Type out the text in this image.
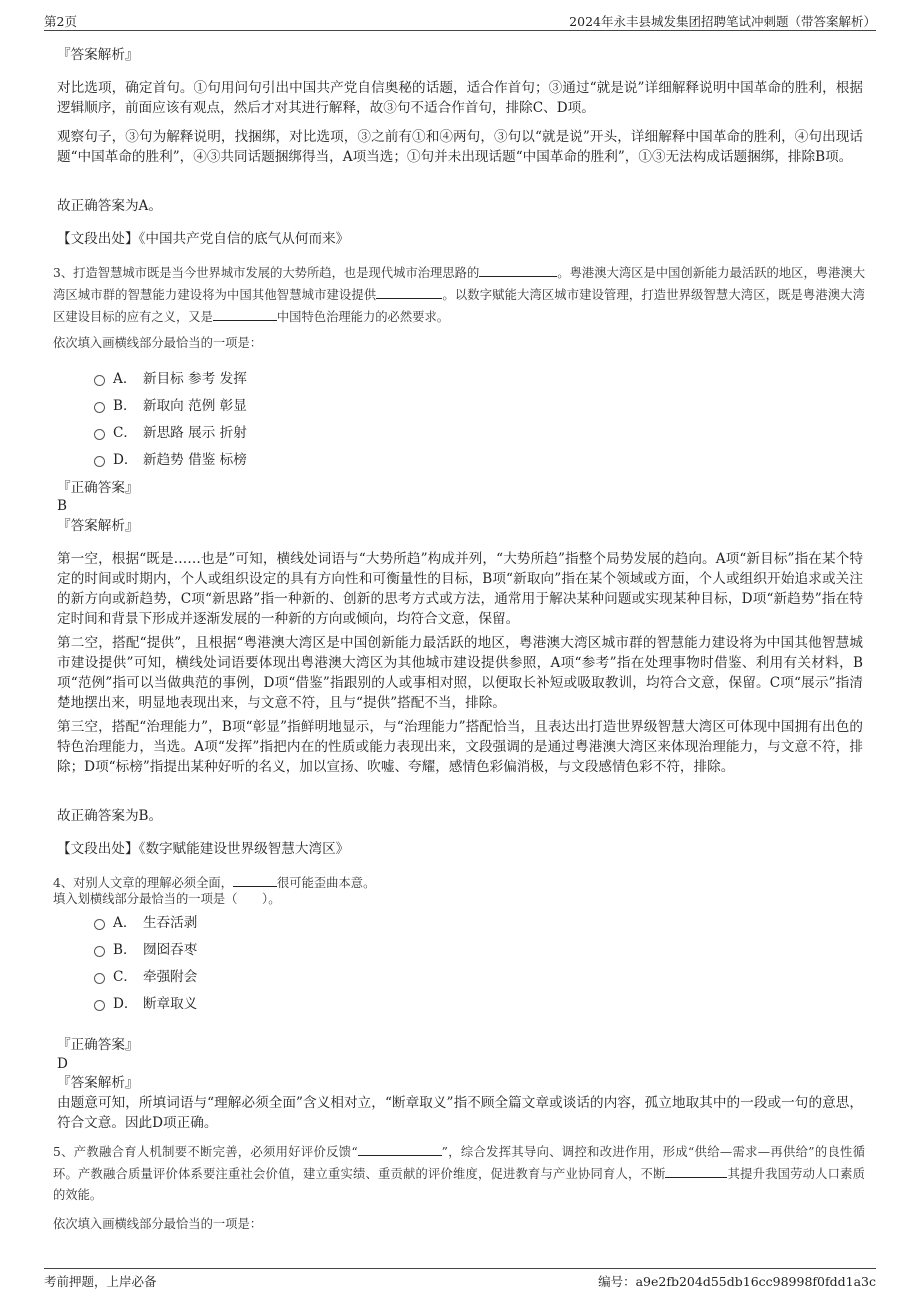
第2页	2024年永丰县城发集团招聘笔试冲刺题（带答案解析）
『答案解析』
对比选项，确定首句。①句用问句引出中国共产党自信奥秘的话题，适合作首句；③通过“就是说”详细解释说明中国革命的胜利，根据逻辑顺序，前面应该有观点，然后才对其进行解释，故③句不适合作首句，排除C、D项。
观察句子，③句为解释说明，找捆绑，对比选项，③之前有①和④两句，③句以“就是说”开头，详细解释中国革命的胜利，④句出现话题“中国革命的胜利”，④③共同话题捆绑得当，A项当选；①句并未出现话题“中国革命的胜利”，①③无法构成话题捆绑，排除B项。
故正确答案为A。
【文段出处】《中国共产党自信的底气从何而来》
3、打造智慧城市既是当今世界城市发展的大势所趋，也是现代城市治理思路的	。粤港澳大湾区是中国创新能力最活跃的地区，粤港澳大湾区城市群的智慧能力建设将为中国其他智慧城市建设提供	。以数字赋能大湾区城市建设管理，打造世界级智慧大湾区，既是粤港澳大湾区建设目标的应有之义，又是	中国特色治理能力的必然要求。
依次填入画横线部分最恰当的一项是：
A． 新目标 参考 发挥
B． 新取向 范例 彰显
C． 新思路 展示 折射
D． 新趋势 借鉴 标榜
『正确答案』
B
『答案解析』
第一空，根据“既是……也是”可知，横线处词语与“大势所趋”构成并列，“大势所趋”指整个局势发展的趋向。A项“新目标”指在某个特定的时间或时期内，个人或组织设定的具有方向性和可衡量性的目标，B项“新取向”指在某个领域或方面，个人或组织开始追求或关注的新方向或新趋势，C项“新思路”指一种新的、创新的思考方式或方法，通常用于解决某种问题或实现某种目标，D项“新趋势”指在特定时间和背景下形成并逐渐发展的一种新的方向或倾向，均符合文意，保留。
第二空，搭配“提供”，且根据“粤港澳大湾区是中国创新能力最活跃的地区，粤港澳大湾区城市群的智慧能力建设将为中国其他智慧城市建设提供”可知，横线处词语要体现出粤港澳大湾区为其他城市建设提供参照，A项“参考”指在处理事物时借鉴、利用有关材料，B项“范例”指可以当做典范的事例，D项“借鉴”指跟别的人或事相对照，以便取长补短或吸取教训，均符合文意，保留。C项“展示”指清楚地摆出来，明显地表现出来，与文意不符，且与“提供”搭配不当，排除。
第三空，搭配“治理能力”，B项“彰显”指鲜明地显示，与“治理能力”搭配恰当，且表达出打造世界级智慧大湾区可体现中国拥有出色的特色治理能力，当选。A项“发挥”指把内在的性质或能力表现出来，文段强调的是通过粤港澳大湾区来体现治理能力，与文意不符，排除；D项“标榜”指提出某种好听的名义，加以宣扬、吹嘘、夸耀，感情色彩偏消极，与文段感情色彩不符，排除。
故正确答案为B。
【文段出处】《数字赋能建设世界级智慧大湾区》
4、对别人文章的理解必须全面，	很可能歪曲本意。
填入划横线部分最恰当的一项是（　　）。
A． 生吞活剥
B． 囫囵吞枣
C． 牵强附会
D． 断章取义
『正确答案』
D
『答案解析』
由题意可知，所填词语与“理解必须全面”含义相对立，“断章取义”指不顾全篇文章或谈话的内容，孤立地取其中的一段或一句的意思，符合文意。因此D项正确。
5、产教融合育人机制要不断完善，必须用好评价反馈“	”，综合发挥其导向、调控和改进作用，形成“供给—需求—再供给”的良性循环。产教融合质量评价体系要注重社会价值，建立重实绩、重贡献的评价维度，促进教育与产业协同育人，不断	其提升我国劳动人口素质的效能。
依次填入画横线部分最恰当的一项是：
考前押题，上岸必备	编号：a9e2fb204d55db16cc98998f0fdd1a3c
